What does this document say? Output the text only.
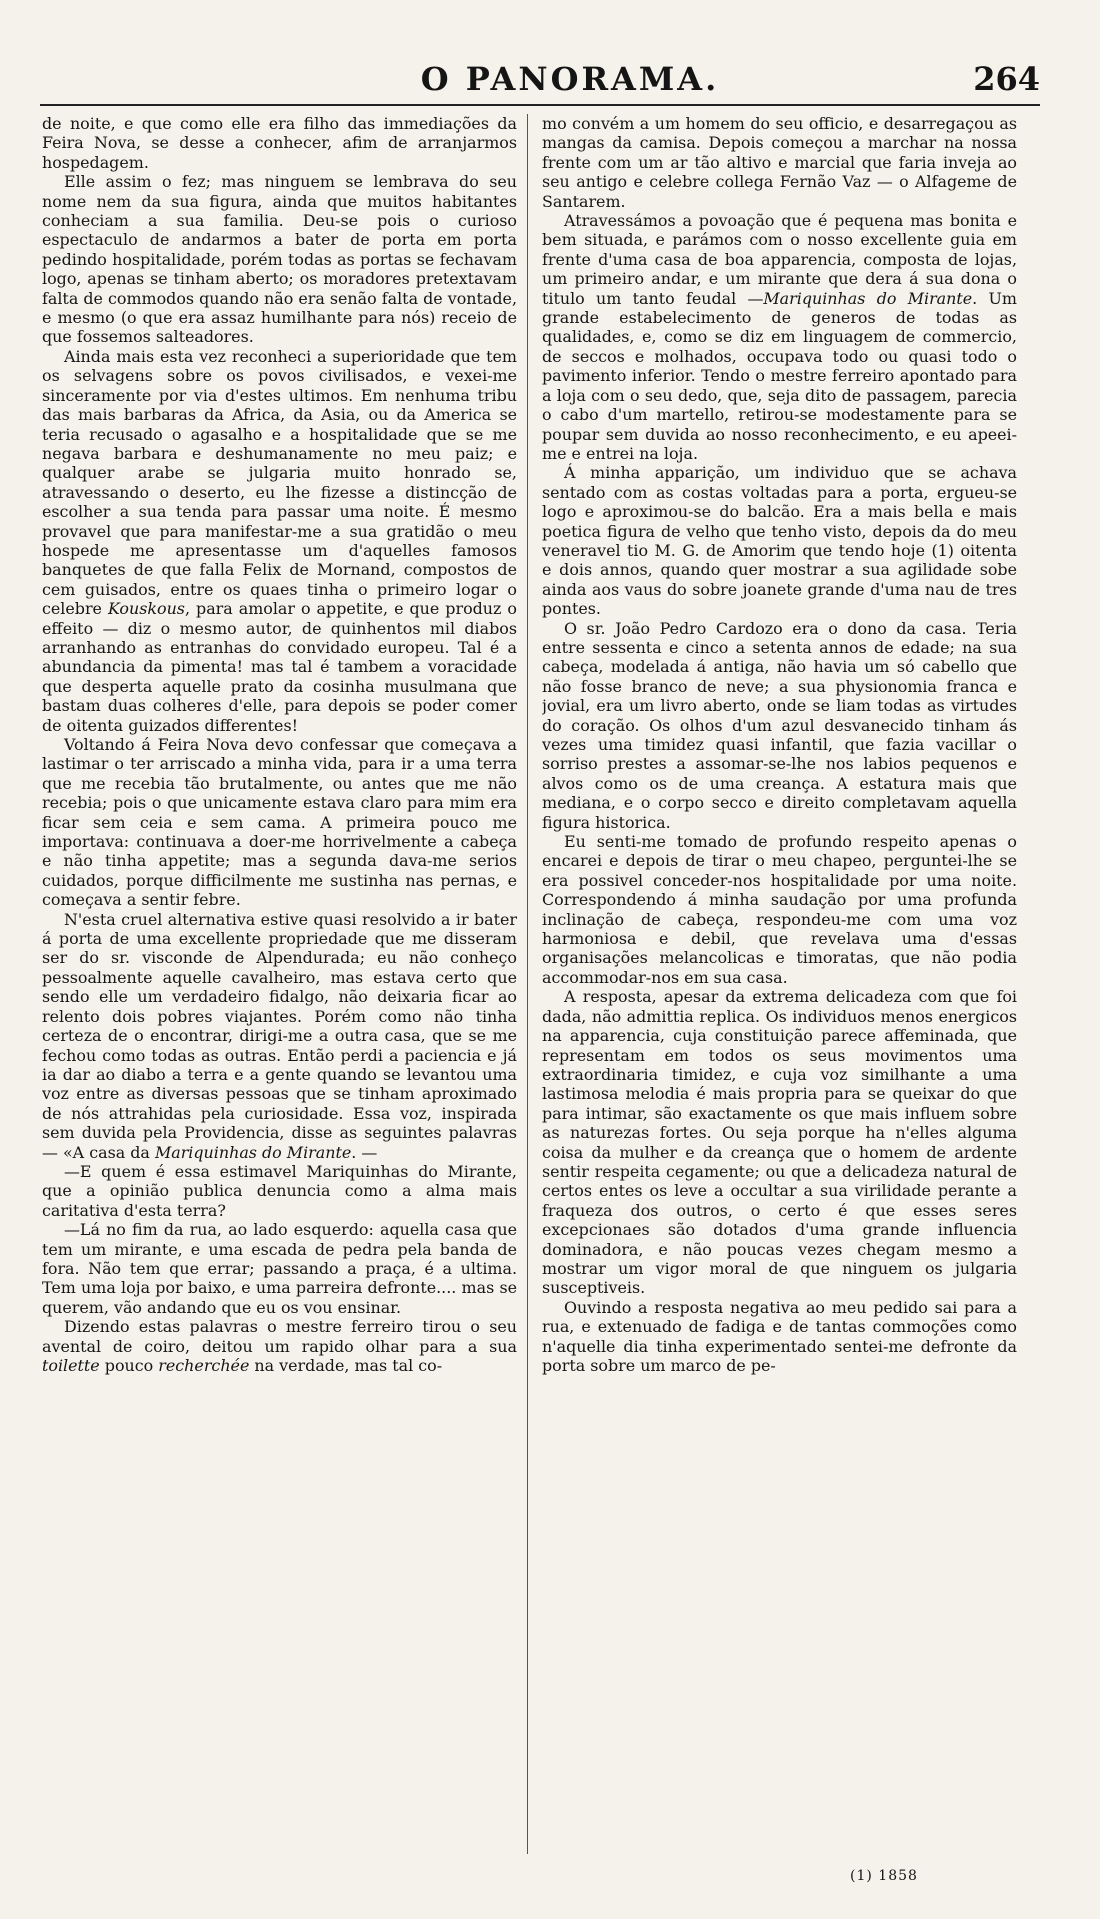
O PANORAMA.	264

de noite, e que como elle era filho das immediações da Feira Nova, se desse a conhecer, afim de arranjarmos hospedagem.

Elle assim o fez; mas ninguem se lembrava do seu nome nem da sua figura, ainda que muitos habitantes conheciam a sua familia. Deu-se pois o curioso espectaculo de andarmos a bater de porta em porta pedindo hospitalidade, porém todas as portas se fechavam logo, apenas se tinham aberto; os moradores pretextavam falta de commodos quando não era senão falta de vontade, e mesmo (o que era assaz humilhante para nós) receio de que fossemos salteadores.

Ainda mais esta vez reconheci a superioridade que tem os selvagens sobre os povos civilisados, e vexei-me sinceramente por via d'estes ultimos. Em nenhuma tribu das mais barbaras da Africa, da Asia, ou da America se teria recusado o agasalho e a hospitalidade que se me negava barbara e deshumanamente no meu paiz; e qualquer arabe se julgaria muito honrado se, atravessando o deserto, eu lhe fizesse a distincção de escolher a sua tenda para passar uma noite. É mesmo provavel que para manifestar-me a sua gratidão o meu hospede me apresentasse um d'aquelles famosos banquetes de que falla Felix de Mornand, compostos de cem guisados, entre os quaes tinha o primeiro logar o celebre Kouskous, para amolar o appetite, e que produz o effeito — diz o mesmo autor, de quinhentos mil diabos arranhando as entranhas do convidado europeu. Tal é a abundancia da pimenta! mas tal é tambem a voracidade que desperta aquelle prato da cosinha musulmana que bastam duas colheres d'elle, para depois se poder comer de oitenta guizados differentes!

Voltando á Feira Nova devo confessar que começava a lastimar o ter arriscado a minha vida, para ir a uma terra que me recebia tão brutalmente, ou antes que me não recebia; pois o que unicamente estava claro para mim era ficar sem ceia e sem cama. A primeira pouco me importava: continuava a doer-me horrivelmente a cabeça e não tinha appetite; mas a segunda dava-me serios cuidados, porque difficilmente me sustinha nas pernas, e começava a sentir febre.

N'esta cruel alternativa estive quasi resolvido a ir bater á porta de uma excellente propriedade que me disseram ser do sr. visconde de Alpendurada; eu não conheço pessoalmente aquelle cavalheiro, mas estava certo que sendo elle um verdadeiro fidalgo, não deixaria ficar ao relento dois pobres viajantes. Porém como não tinha certeza de o encontrar, dirigi-me a outra casa, que se me fechou como todas as outras. Então perdi a paciencia e já ia dar ao diabo a terra e a gente quando se levantou uma voz entre as diversas pessoas que se tinham aproximado de nós attrahidas pela curiosidade. Essa voz, inspirada sem duvida pela Providencia, disse as seguintes palavras — «A casa da Mariquinhas do Mirante. —

—E quem é essa estimavel Mariquinhas do Mirante, que a opinião publica denuncia como a alma mais caritativa d'esta terra?

—Lá no fim da rua, ao lado esquerdo: aquella casa que tem um mirante, e uma escada de pedra pela banda de fora. Não tem que errar; passando a praça, é a ultima. Tem uma loja por baixo, e uma parreira defronte.... mas se querem, vão andando que eu os vou ensinar.

Dizendo estas palavras o mestre ferreiro tirou o seu avental de coiro, deitou um rapido olhar para a sua toilette pouco recherchée na verdade, mas tal co-

mo convém a um homem do seu officio, e desarregaçou as mangas da camisa. Depois começou a marchar na nossa frente com um ar tão altivo e marcial que faria inveja ao seu antigo e celebre collega Fernão Vaz — o Alfageme de Santarem.

Atravessámos a povoação que é pequena mas bonita e bem situada, e parámos com o nosso excellente guia em frente d'uma casa de boa apparencia, composta de lojas, um primeiro andar, e um mirante que dera á sua dona o titulo um tanto feudal —Mariquinhas do Mirante. Um grande estabelecimento de generos de todas as qualidades, e, como se diz em linguagem de commercio, de seccos e molhados, occupava todo ou quasi todo o pavimento inferior. Tendo o mestre ferreiro apontado para a loja com o seu dedo, que, seja dito de passagem, parecia o cabo d'um martello, retirou-se modestamente para se poupar sem duvida ao nosso reconhecimento, e eu apeei-me e entrei na loja.

Á minha apparição, um individuo que se achava sentado com as costas voltadas para a porta, ergueu-se logo e aproximou-se do balcão. Era a mais bella e mais poetica figura de velho que tenho visto, depois da do meu veneravel tio M. G. de Amorim que tendo hoje (1) oitenta e dois annos, quando quer mostrar a sua agilidade sobe ainda aos vaus do sobre joanete grande d'uma nau de tres pontes.

O sr. João Pedro Cardozo era o dono da casa. Teria entre sessenta e cinco a setenta annos de edade; na sua cabeça, modelada á antiga, não havia um só cabello que não fosse branco de neve; a sua physionomia franca e jovial, era um livro aberto, onde se liam todas as virtudes do coração. Os olhos d'um azul desvanecido tinham ás vezes uma timidez quasi infantil, que fazia vacillar o sorriso prestes a assomar-se-lhe nos labios pequenos e alvos como os de uma creança. A estatura mais que mediana, e o corpo secco e direito completavam aquella figura historica.

Eu senti-me tomado de profundo respeito apenas o encarei e depois de tirar o meu chapeo, perguntei-lhe se era possivel conceder-nos hospitalidade por uma noite. Correspondendo á minha saudação por uma profunda inclinação de cabeça, respondeu-me com uma voz harmoniosa e debil, que revelava uma d'essas organisações melancolicas e timoratas, que não podia accommodar-nos em sua casa.

A resposta, apesar da extrema delicadeza com que foi dada, não admittia replica. Os individuos menos energicos na apparencia, cuja constituição parece affeminada, que representam em todos os seus movimentos uma extraordinaria timidez, e cuja voz similhante a uma lastimosa melodia é mais propria para se queixar do que para intimar, são exactamente os que mais influem sobre as naturezas fortes. Ou seja porque ha n'elles alguma coisa da mulher e da creança que o homem de ardente sentir respeita cegamente; ou que a delicadeza natural de certos entes os leve a occultar a sua virilidade perante a fraqueza dos outros, o certo é que esses seres excepcionaes são dotados d'uma grande influencia dominadora, e não poucas vezes chegam mesmo a mostrar um vigor moral de que ninguem os julgaria susceptiveis.

Ouvindo a resposta negativa ao meu pedido sai para a rua, e extenuado de fadiga e de tantas commoções como n'aquelle dia tinha experimentado sentei-me defronte da porta sobre um marco de pe-

(1) 1858
